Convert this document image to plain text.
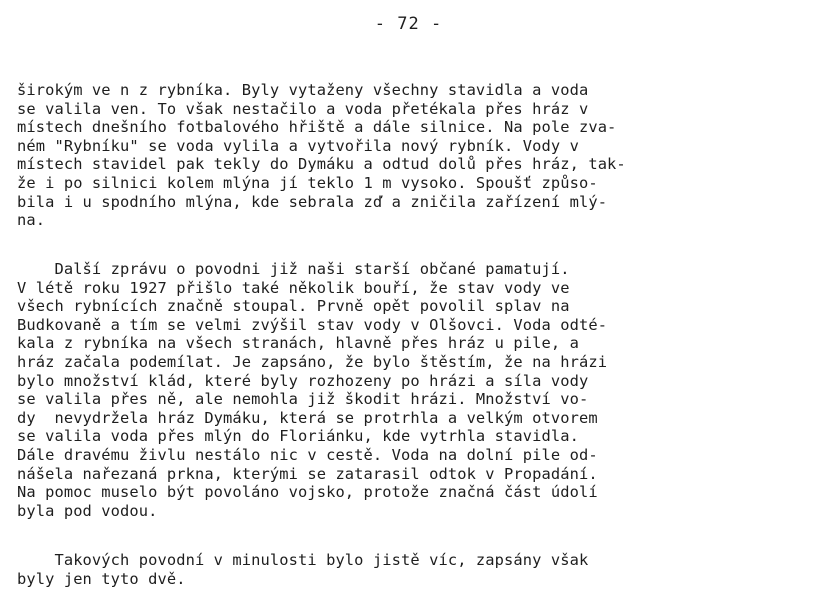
- 72 -
širokým ve n z rybníka. Byly vytaženy všechny stavidla a voda
se valila ven. To však nestačilo a voda přetékala přes hráz v
místech dnešního fotbalového hřiště a dále silnice. Na pole zva-
ném "Rybníku" se voda vylila a vytvořila nový rybník. Vody v
místech stavidel pak tekly do Dymáku a odtud dolů přes hráz, tak-
že i po silnici kolem mlýna jí teklo 1 m vysoko. Spoušť způso-
bila i u spodního mlýna, kde sebrala zď a zničila zařízení mlý-
na.
Další zprávu o povodni již naši starší občané pamatují.
V létě roku 1927 přišlo také několik bouří, že stav vody ve
všech rybnících značně stoupal. Prvně opět povolil splav na
Budkovaně a tím se velmi zvýšil stav vody v Olšovci. Voda odté-
kala z rybníka na všech stranách, hlavně přes hráz u pile, a
hráz začala podemílat. Je zapsáno, že bylo štěstím, že na hrázi
bylo množství klád, které byly rozhozeny po hrázi a síla vody
se valila přes ně, ale nemohla již škodit hrázi. Množství vo-
dy  nevydržela hráz Dymáku, která se protrhla a velkým otvorem
se valila voda přes mlýn do Floriánku, kde vytrhla stavidla.
Dále dravému živlu nestálo nic v cestě. Voda na dolní pile od-
nášela nařezaná prkna, kterými se zatarasil odtok v Propadání.
Na pomoc muselo být povoláno vojsko, protože značná část údolí
byla pod vodou.
Takových povodní v minulosti bylo jistě víc, zapsány však
byly jen tyto dvě.
